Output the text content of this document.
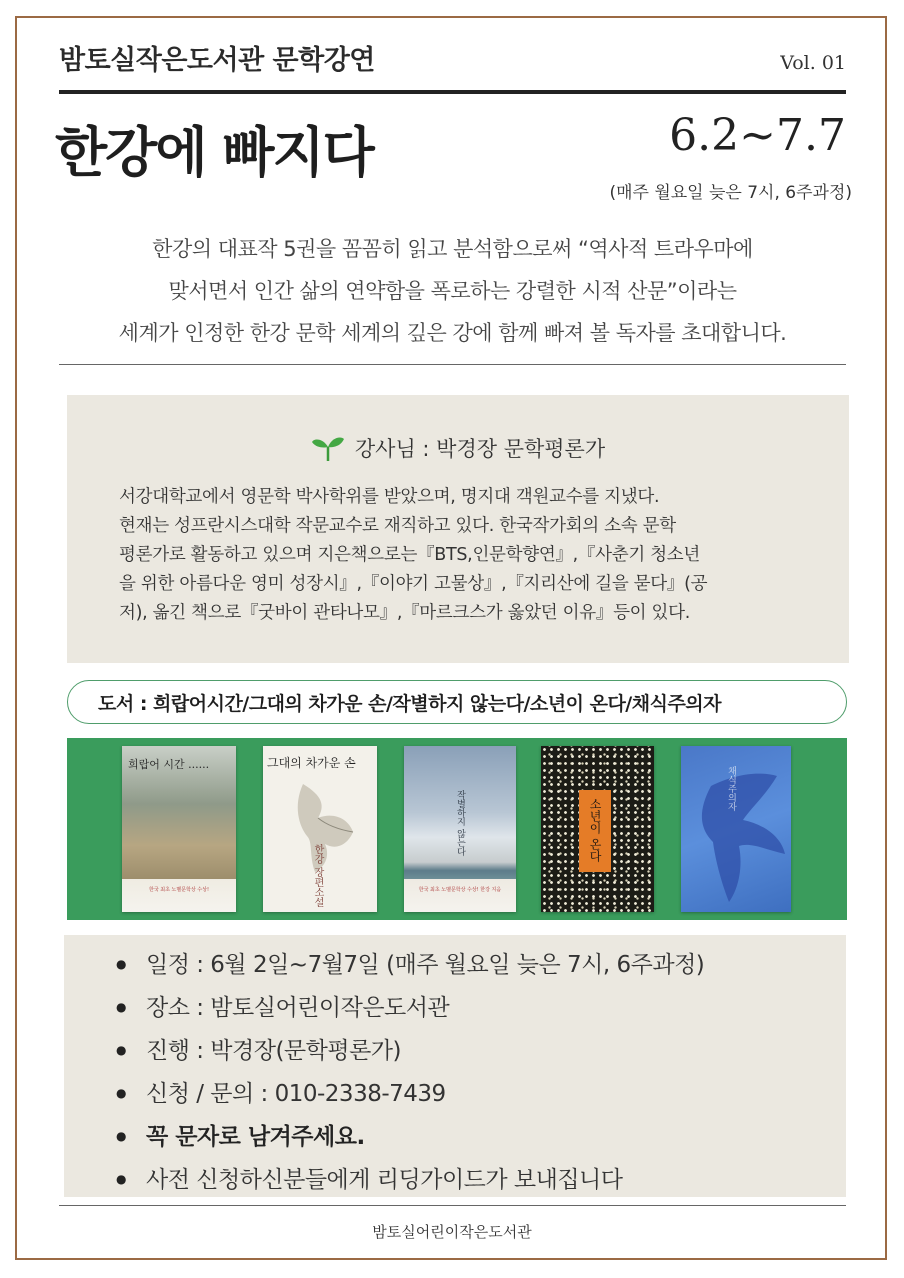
밤토실작은도서관 문학강연	Vol. 01
한강에 빠지다	6.2~7.7
(매주 월요일 늦은 7시, 6주과정)
한강의 대표작 5권을 꼼꼼히 읽고 분석함으로써 “역사적 트라우마에
맞서면서 인간 삶의 연약함을 폭로하는 강렬한 시적 산문”이라는
세계가 인정한 한강 문학 세계의 깊은 강에 함께 빠져 볼 독자를 초대합니다.
강사님 : 박경장 문학평론가
서강대학교에서 영문학 박사학위를 받았으며, 명지대 객원교수를 지냈다.
현재는 성프란시스대학 작문교수로 재직하고 있다. 한국작가회의 소속 문학
평론가로 활동하고 있으며 지은책으로는『BTS,인문학향연』,『사춘기 청소년
을 위한 아름다운 영미 성장시』,『이야기 고물상』,『지리산에 길을 묻다』(공
저), 옮긴 책으로『굿바이 관타나모』,『마르크스가 옳았던 이유』등이 있다.
도서 : 희랍어시간/그대의 차가운 손/작별하지 않는다/소년이 온다/채식주의자
희랍어 시간 ......
한국 최초 노벨문학상 수상!
그대의 차가운 손
한강 장편소설
작별하지 않는다
한국 최초 노벨문학상 수상! 한강 지음
소년이 온다
채식주의자
● 일정 : 6월 2일~7월7일 (매주 월요일 늦은 7시, 6주과정)
● 장소 : 밤토실어린이작은도서관
● 진행 : 박경장(문학평론가)
● 신청 / 문의 : 010-2338-7439
● 꼭 문자로 남겨주세요.
● 사전 신청하신분들에게 리딩가이드가 보내집니다
밤토실어린이작은도서관
